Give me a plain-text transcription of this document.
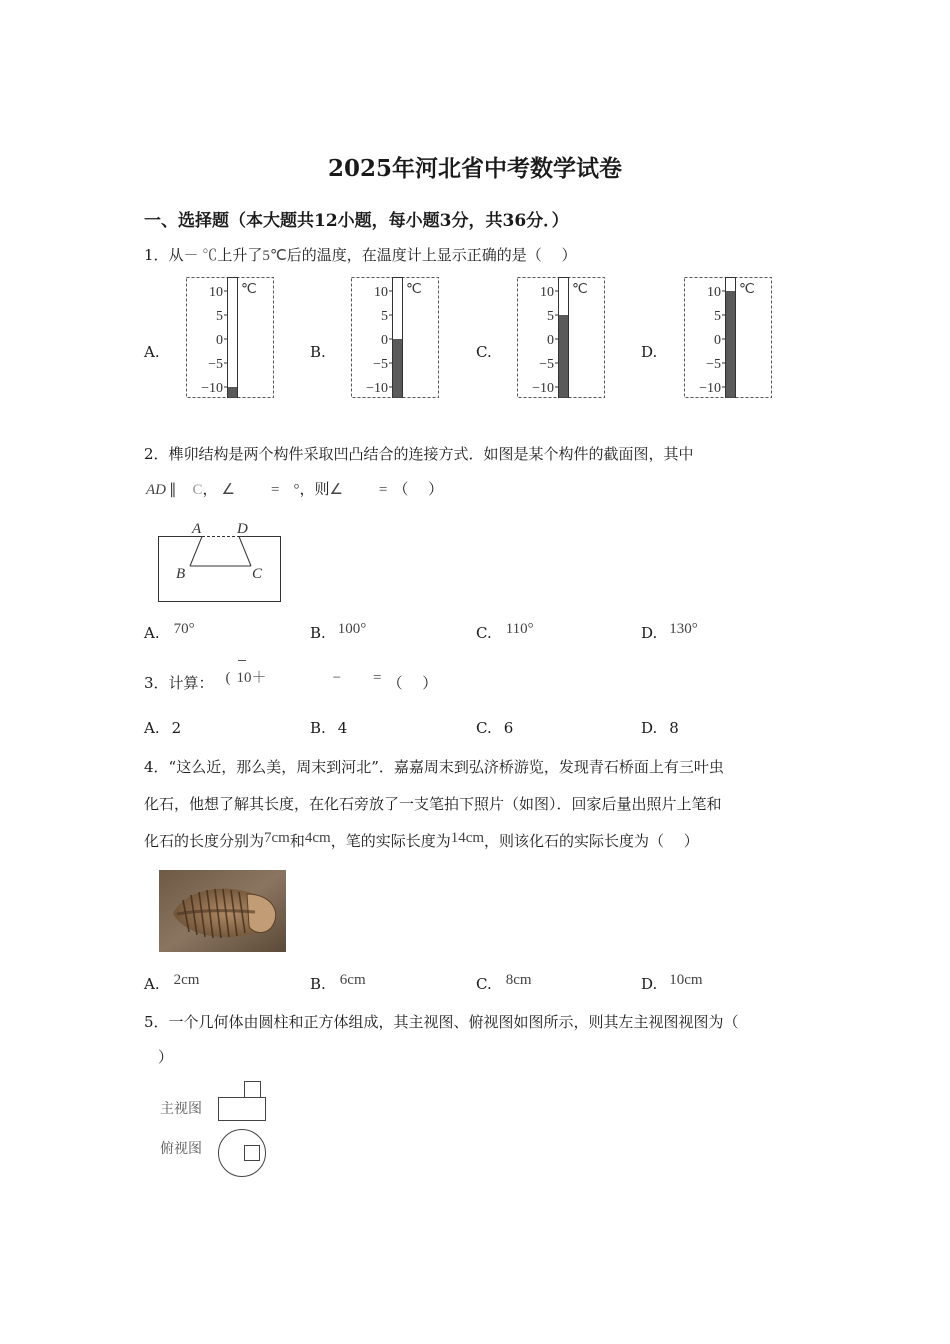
2025年河北省中考数学试卷
一、选择题（本大题共12小题，每小题3分，共36分．）
1．从－ ℃上升了5℃后的温度，在温度计上显示正确的是（　 ）
A.	B.	C.	D.
10
5
0
−5
−10
℃	10
5
0
−5
−10
℃	10
5
0
−5
−10
℃	10
5
0
−5
−10
℃
2．榫卯结构是两个构件采取凹凸结合的连接方式．如图是某个构件的截面图，其中
AD ∥ C， ∠ = °，则∠ = （　 ）
A D
B	C
A. 70°	B. 100°	C. 110°	D. 130°
3．计算： ( 10＋	− = （　 ）
A. 2	B. 4	C. 6	D. 8
4．“这么近，那么美，周末到河北”．嘉嘉周末到弘济桥游览，发现青石桥面上有三叶虫
化石，他想了解其长度，在化石旁放了一支笔拍下照片（如图）．回家后量出照片上笔和
化石的长度分别为7cm和4cm，笔的实际长度为14cm，则该化石的实际长度为（　 ）
A. 2cm	B. 6cm	C. 8cm	D. 10cm
5．一个几何体由圆柱和正方体组成，其主视图、俯视图如图所示，则其左主视图视图为（
）
主视图
俯视图
